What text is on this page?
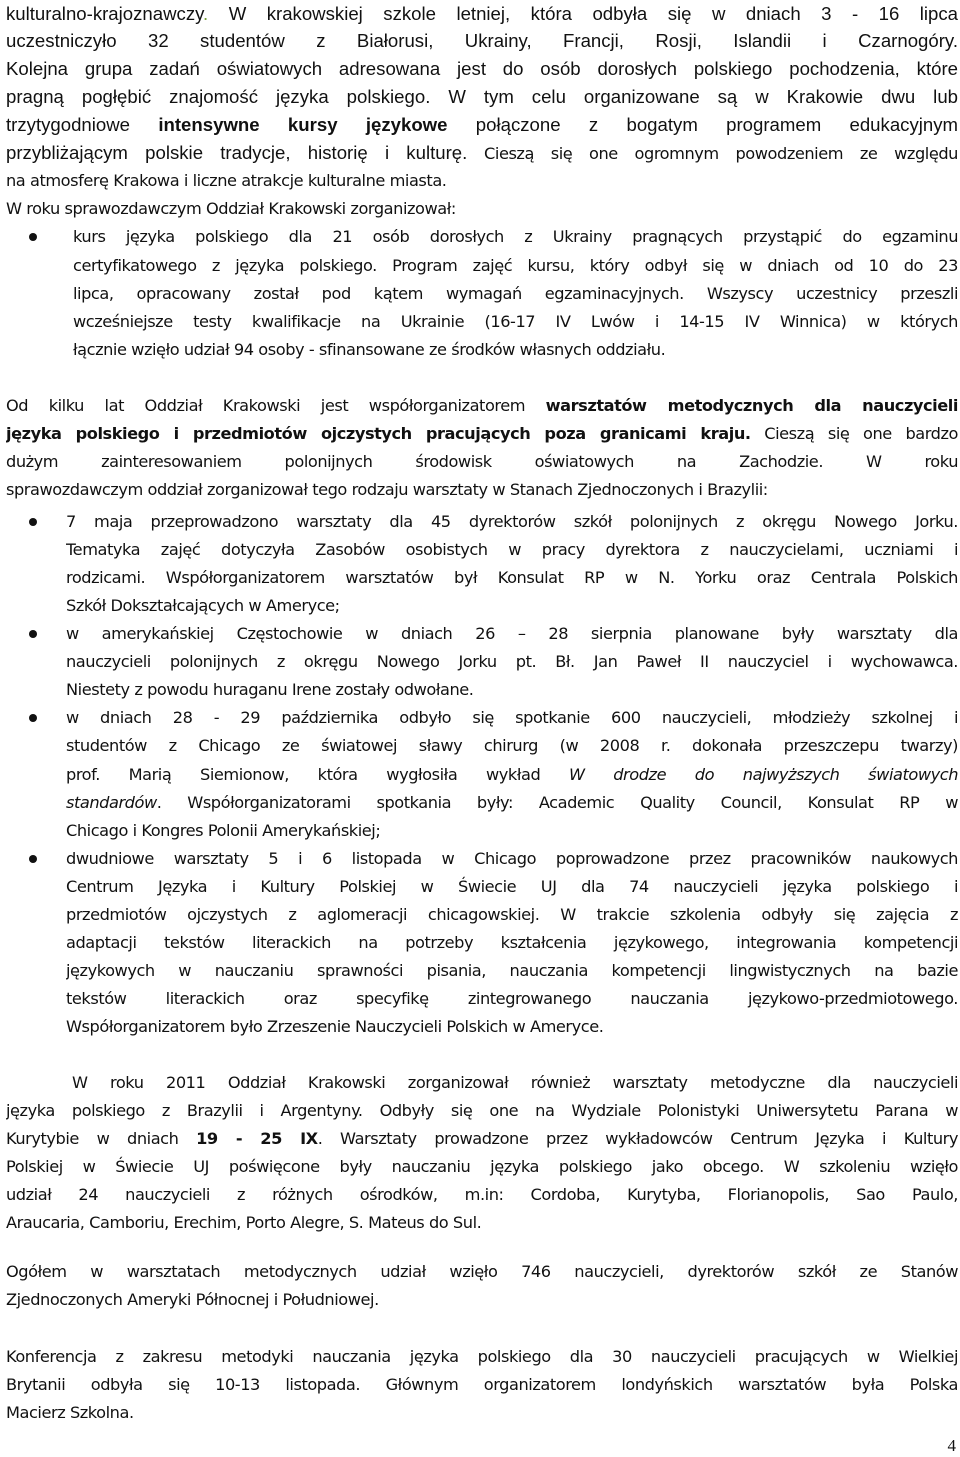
kulturalno-krajoznawczy. W krakowskiej szkole letniej, która odbyła się w dniach 3 - 16 lipca
uczestniczyło 32 studentów z Białorusi, Ukrainy, Francji, Rosji, Islandii i Czarnogóry.
Kolejna grupa zadań oświatowych adresowana jest do osób dorosłych polskiego pochodzenia, które
pragną pogłębić znajomość języka polskiego. W tym celu organizowane są w Krakowie dwu lub
trzytygodniowe intensywne kursy językowe połączone z bogatym programem edukacyjnym
przybliżającym polskie tradycje, historię i kulturę. Cieszą się one ogromnym powodzeniem ze względu
na atmosferę Krakowa i liczne atrakcje kulturalne miasta.
W roku sprawozdawczym Oddział Krakowski zorganizował:
kurs języka polskiego dla 21 osób dorosłych z Ukrainy pragnących przystąpić do egzaminu
certyfikatowego z języka polskiego. Program zajęć kursu, który odbył się w dniach od 10 do 23
lipca, opracowany został pod kątem wymagań egzaminacyjnych. Wszyscy uczestnicy przeszli
wcześniejsze testy kwalifikacje na Ukrainie (16-17 IV Lwów i 14-15 IV Winnica) w których
łącznie wzięło udział 94 osoby - sfinansowane ze środków własnych oddziału.
Od kilku lat Oddział Krakowski jest współorganizatorem warsztatów metodycznych dla nauczycieli
języka polskiego i przedmiotów ojczystych pracujących poza granicami kraju. Cieszą się one bardzo
dużym zainteresowaniem polonijnych środowisk oświatowych na Zachodzie. W roku
sprawozdawczym oddział zorganizował tego rodzaju warsztaty w Stanach Zjednoczonych i Brazylii:
7 maja przeprowadzono warsztaty dla 45 dyrektorów szkół polonijnych z okręgu Nowego Jorku.
Tematyka zajęć dotyczyła Zasobów osobistych w pracy dyrektora z nauczycielami, uczniami i
rodzicami. Współorganizatorem warsztatów był Konsulat RP w N. Yorku oraz Centrala Polskich
Szkół Dokształcających w Ameryce;
w amerykańskiej Częstochowie w dniach 26 – 28 sierpnia planowane były warsztaty dla
nauczycieli polonijnych z okręgu Nowego Jorku pt. Bł. Jan Paweł II nauczyciel i wychowawca.
Niestety z powodu huraganu Irene zostały odwołane.
w dniach 28 - 29 października odbyło się spotkanie 600 nauczycieli, młodzieży szkolnej i
studentów z Chicago ze światowej sławy chirurg (w 2008 r. dokonała przeszczepu twarzy)
prof. Marią Siemionow, która wygłosiła wykład W drodze do najwyższych światowych
standardów. Współorganizatorami spotkania były: Academic Quality Council, Konsulat RP w
Chicago i Kongres Polonii Amerykańskiej;
dwudniowe warsztaty 5 i 6 listopada w Chicago poprowadzone przez pracowników naukowych
Centrum Języka i Kultury Polskiej w Świecie UJ dla 74 nauczycieli języka polskiego i
przedmiotów ojczystych z aglomeracji chicagowskiej. W trakcie szkolenia odbyły się zajęcia z
adaptacji tekstów literackich na potrzeby kształcenia językowego, integrowania kompetencji
językowych w nauczaniu sprawności pisania, nauczania kompetencji lingwistycznych na bazie
tekstów literackich oraz specyfikę zintegrowanego nauczania językowo-przedmiotowego.
Współorganizatorem było Zrzeszenie Nauczycieli Polskich w Ameryce.
W roku 2011 Oddział Krakowski zorganizował również warsztaty metodyczne dla nauczycieli
języka polskiego z Brazylii i Argentyny. Odbyły się one na Wydziale Polonistyki Uniwersytetu Parana w
Kurytybie w dniach 19 - 25 IX. Warsztaty prowadzone przez wykładowców Centrum Języka i Kultury
Polskiej w Świecie UJ poświęcone były nauczaniu języka polskiego jako obcego. W szkoleniu wzięło
udział 24 nauczycieli z różnych ośrodków, m.in: Cordoba, Kurytyba, Florianopolis, Sao Paulo,
Araucaria, Camboriu, Erechim, Porto Alegre, S. Mateus do Sul.
Ogółem w warsztatach metodycznych udział wzięło 746 nauczycieli, dyrektorów szkół ze Stanów
Zjednoczonych Ameryki Północnej i Południowej.
Konferencja z zakresu metodyki nauczania języka polskiego dla 30 nauczycieli pracujących w Wielkiej
Brytanii odbyła się 10-13 listopada. Głównym organizatorem londyńskich warsztatów była Polska
Macierz Szkolna.
4
